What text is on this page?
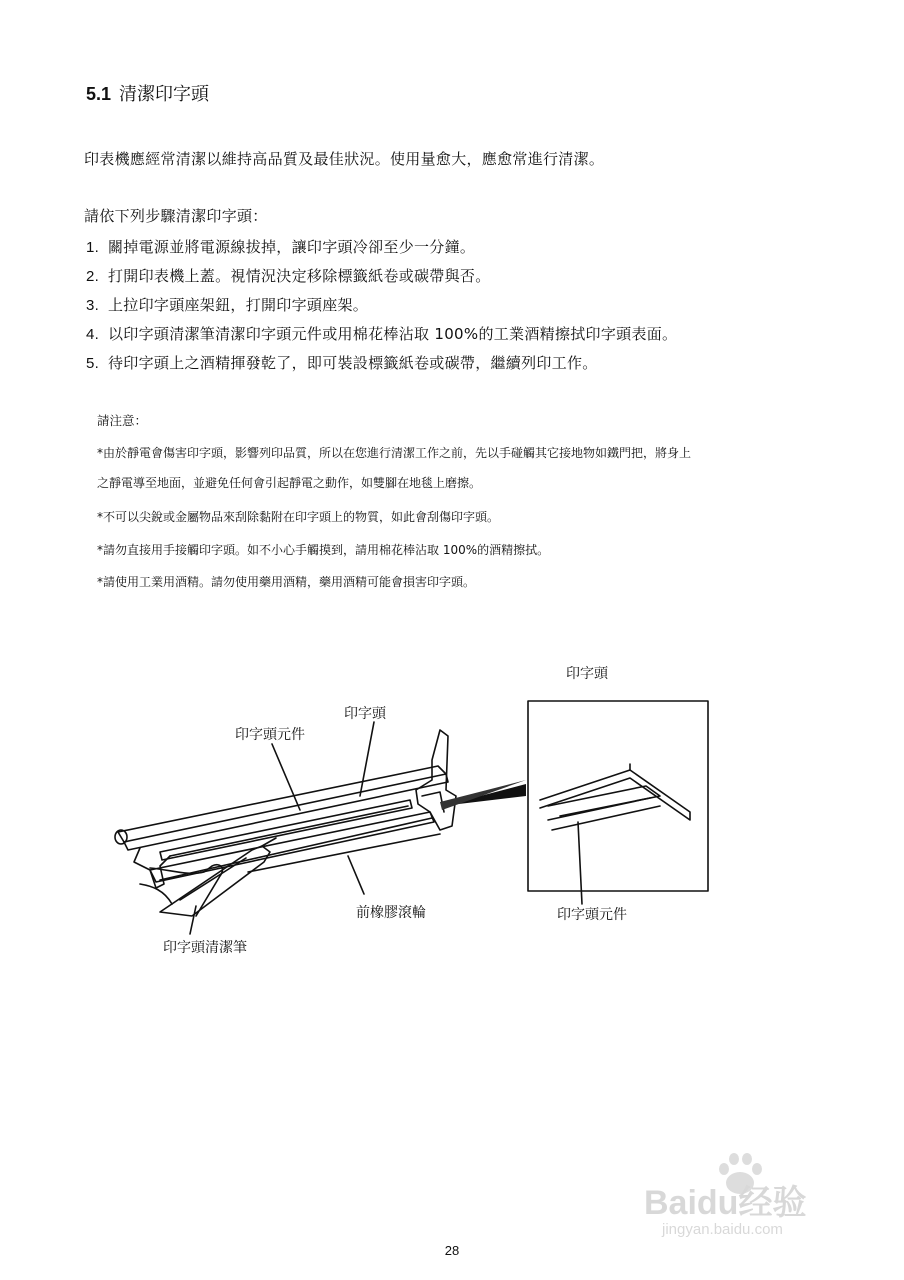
5.1 清潔印字頭
印表機應經常清潔以維持高品質及最佳狀況。使用量愈大，應愈常進行清潔。
請依下列步驟清潔印字頭：
1. 關掉電源並將電源線拔掉，讓印字頭冷卻至少一分鐘。
2. 打開印表機上蓋。視情況決定移除標籤紙卷或碳帶與否。
3. 上拉印字頭座架鈕，打開印字頭座架。
4. 以印字頭清潔筆清潔印字頭元件或用棉花棒沾取 100%的工業酒精擦拭印字頭表面。
5. 待印字頭上之酒精揮發乾了，即可裝設標籤紙卷或碳帶，繼續列印工作。
請注意：
*由於靜電會傷害印字頭，影響列印品質，所以在您進行清潔工作之前，先以手碰觸其它接地物如鐵門把，將身上
之靜電導至地面，並避免任何會引起靜電之動作，如雙腳在地毯上磨擦。
*不可以尖銳或金屬物品來刮除黏附在印字頭上的物質，如此會刮傷印字頭。
*請勿直接用手接觸印字頭。如不小心手觸摸到，請用棉花棒沾取 100%的酒精擦拭。
*請使用工業用酒精。請勿使用藥用酒精，藥用酒精可能會損害印字頭。
印字頭
印字頭元件
前橡膠滾輪
印字頭清潔筆
印字頭
印字頭元件
Baidu经验
jingyan.baidu.com
28
